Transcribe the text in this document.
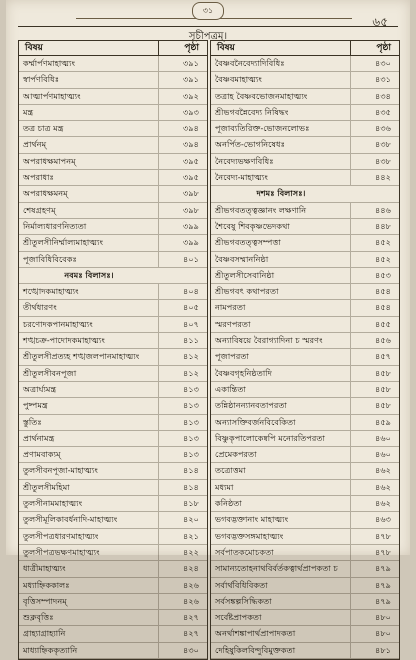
৩১
৬৫
সূচীপত্রম্।
বিষয়	পৃষ্ঠা
কর্ম্মার্পণমাহাত্ম্যং	৩৯১
স্বার্পণবিধিঃ	৩৯১
আত্মার্পণমাহাত্ম্যং	৩৯২
মন্ত্র	৩৯৩
তত্র চাত্র মন্ত্র	৩৯৪
প্রার্থনম্	৩৯৪
অপরাধক্ষমাপনম্	৩৯৫
অপরাধাঃ	৩৯৫
অপরাধক্ষমনম্	৩৯৮
শেষগ্রহণম্	৩৯৮
নির্মাল্যধারণনিত্যতা	৩৯৯
শ্রীতুলসীনির্ম্মাল্যমাহাত্ম্যং	৩৯৯
পূজাবিধিবিবেকঃ	৪০১
নবমঃ বিলাসঃ।
শঙ্খোদকমাহাত্ম্যং	৪০৪
তীর্থধারণং	৪০৫
চরণোদকপানমাহাত্ম্যং	৪০৭
শঙ্খচক্র-পাদোদকমাহাত্ম্যং	৪১১
শ্রীতুলসীপ্রত্যহ শঙ্খজলপানমাহাত্ম্যং	৪১২
শ্রীতুলসীবনপূজা	৪১২
অত্রার্ঘ্যমন্ত্র	৪১৩
পুষ্পমন্ত্র	৪১৩
স্তুতিঃ	৪১৩
প্রার্থনামন্ত্র	৪১৩
প্রণামবাক্যম্	৪১৩
তুলসীবনপূজা-মাহাত্ম্যং	৪১৪
শ্রীতুলসীমহিমা	৪১৪
তুলসীনামমাহাত্ম্যং	৪১৮
তুলসীমূলিকাবর্ধনাদি-মাহাত্ম্যং	৪২০
তুলসীপত্রধারণমাহাত্ম্যং	৪২১
তুলসীপত্রভক্ষণমাহাত্ম্যং	৪২২
ধাত্রীমাহাত্ম্যং	৪২৪
মধ্যাহ্নিককালঃ	৪২৬
বৃত্তিসম্পাদনম্	৪২৬
শুক্লবৃত্তিঃ	৪২৭
গ্রাহ্যাগ্রাহ্যানি	৪২৭
মাধ্যাহ্নিককৃত্যানি	৪৩০
বিষয়	পৃষ্ঠা
বৈষ্ণবনৈবেদ্যাদিবিধিঃ	৪৩০
বৈষ্ণবমাহাত্ম্যং	৪৩১
তত্রাহ বৈষ্ণবভোজনমাহাত্ম্যং	৪৩৪
শ্রীভগবন্নৈবেদ্য নিষিদ্ধং	৪৩৫
পূজাব্যতিরিক্ত-ভোজনলোভঃ	৪৩৬
অনর্পিত-ভোগনিষেধঃ	৪৩৮
নৈবেদ্যভক্ষণবিধিঃ	৪৩৮
নৈবেদ্য-মাহাত্ম্যং	৪৪২
দশমঃ বিলাসঃ।
শ্রীভগবতত্ত্বজ্ঞানং লক্ষণানি	৪৪৬
শৈবেষু শিবকৃষ্ণভেদকথা	৪৪৮
শ্রীভগবতত্ত্বসম্পত্তা	৪৫২
বৈষ্ণবসম্মাননিষ্ঠা	৪৫২
শ্রীতুলসীসেবানিষ্ঠা	৪৫৩
শ্রীভগবৎ কথাপরতা	৪৫৪
নামপরতা	৪৫৪
স্মরণপরতা	৪৫৫
অন্যাবিষয়ে বৈরাগ্যাদিনা চ স্মরণং	৪৫৬
পূজাপরতা	৪৫৭
বৈষ্ণবগৃহনিষ্ঠতাদি	৪৫৮
একান্তিতা	৪৫৮
তন্নিষ্ঠানন্যানবতাপরতা	৪৫৮
অন্যাসক্তিবর্জনবিবেকিতা	৪৫৯
বিষ্ণুকৃপালোকেষ্বপি মনোরতিপরতা	৪৬০
প্রেমেকপরতা	৪৬০
তত্রোত্তমা	৪৬২
মধ্যমা	৪৬২
কনিষ্ঠতা	৪৬২
ভগবদ্ভক্তানাং মাহাত্ম্যং	৪৬৩
ভগবদ্ভক্তসঙ্গমাহাত্ম্যং	৪৭৮
সর্বপাতকমোচকতা	৪৭৮
সামান্যতোহনাথবির্বর্তকত্বার্থপ্রাপকতা চ	৪৭৯
সর্বার্থবিধিবিকতা	৪৭৯
সর্বসঙ্কল্পসিদ্ধিকতা	৪৭৯
সর্বেষ্টপ্রাপকতা	৪৮০
অনর্থাশঙ্কাপার্থপ্রাপাদকতা	৪৮০
দেহিষুকিলবিন্দুবিমুক্তকতা	৪৮১
